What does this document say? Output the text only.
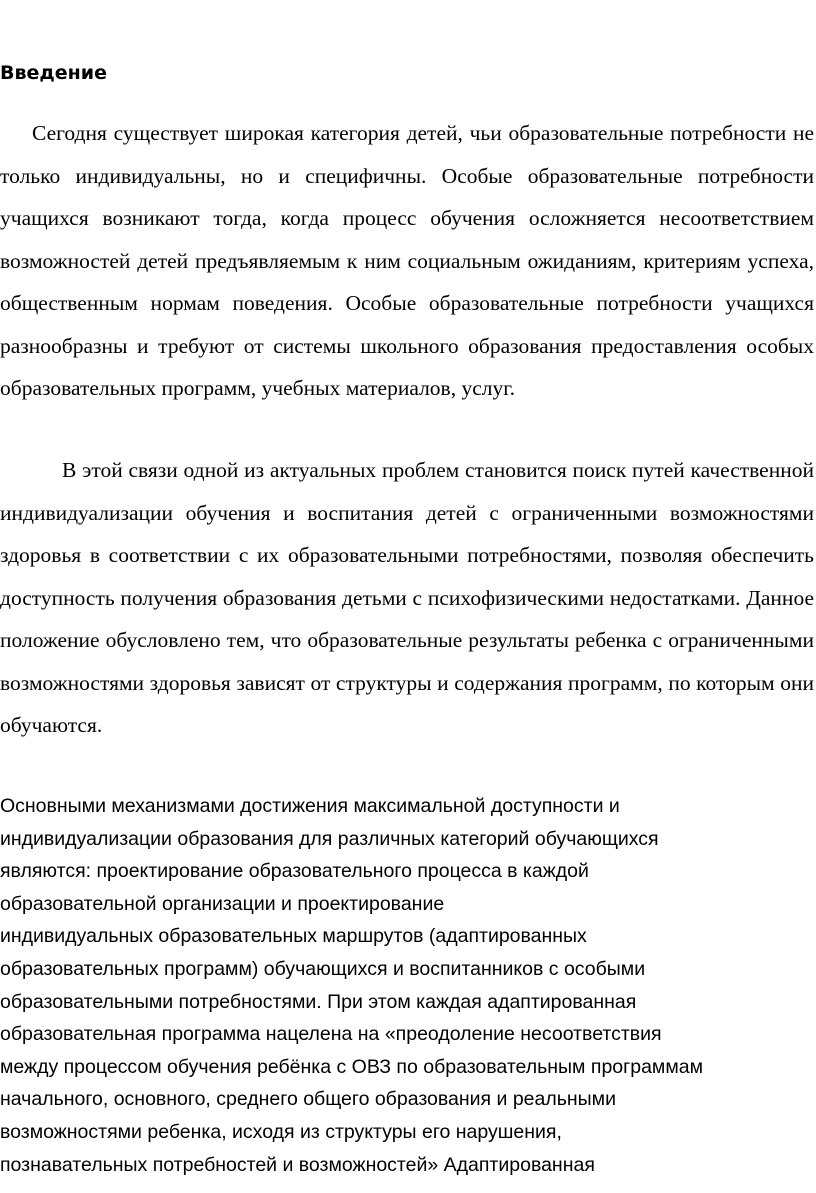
Введение

Сегодня существует широкая категория детей, чьи образовательные потребности не только индивидуальны, но и специфичны. Особые образовательные потребности учащихся возникают тогда, когда процесс обучения осложняется несоответствием возможностей детей предъявляемым к ним социальным ожиданиям, критериям успеха, общественным нормам поведения. Особые образовательные потребности учащихся разнообразны и требуют от системы школьного образования предоставления особых образовательных программ, учебных материалов, услуг.

В этой связи одной из актуальных проблем становится поиск путей качественной индивидуализации обучения и воспитания детей с ограниченными возможностями здоровья в соответствии с их образовательными потребностями, позволяя обеспечить доступность получения образования детьми с психофизическими недостатками. Данное положение обусловлено тем, что образовательные результаты ребенка с ограниченными возможностями здоровья зависят от структуры и содержания программ, по которым они обучаются.

Основными механизмами достижения максимальной доступности и
индивидуализации образования для различных категорий обучающихся
являются: проектирование образовательного процесса в каждой
образовательной организации и проектирование
индивидуальных образовательных маршрутов (адаптированных
образовательных программ) обучающихся и воспитанников с особыми
образовательными потребностями. При этом каждая адаптированная
образовательная программа нацелена на «преодоление несоответствия
между процессом обучения ребёнка с ОВЗ по образовательным программам
начального, основного, среднего общего образования и реальными
возможностями ребенка, исходя из структуры его нарушения,
познавательных потребностей и возможностей» Адаптированная
